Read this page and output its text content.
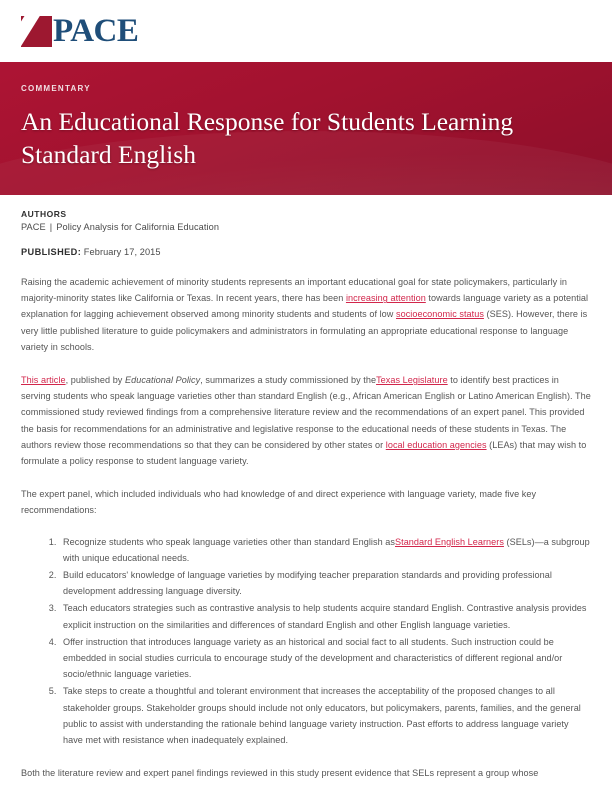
PACE
COMMENTARY
An Educational Response for Students Learning Standard English

AUTHORS

PACE | Policy Analysis for California Education

PUBLISHED: February 17, 2015

Raising the academic achievement of minority students represents an important educational goal for state policymakers, particularly in majority-minority states like California or Texas. In recent years, there has been increasing attention towards language variety as a potential explanation for lagging achievement observed among minority students and students of low socioeconomic status (SES). However, there is very little published literature to guide policymakers and administrators in formulating an appropriate educational response to language variety in schools.

This article, published by Educational Policy, summarizes a study commissioned by theTexas Legislature to identify best practices in serving students who speak language varieties other than standard English (e.g., African American English or Latino American English). The commissioned study reviewed findings from a comprehensive literature review and the recommendations of an expert panel. This provided the basis for recommendations for an administrative and legislative response to the educational needs of these students in Texas. The authors review those recommendations so that they can be considered by other states or local education agencies (LEAs) that may wish to formulate a policy response to student language variety.

The expert panel, which included individuals who had knowledge of and direct experience with language variety, made five key recommendations:

1. Recognize students who speak language varieties other than standard English asStandard English Learners (SELs)—a subgroup with unique educational needs.
2. Build educators' knowledge of language varieties by modifying teacher preparation standards and providing professional development addressing language diversity.
3. Teach educators strategies such as contrastive analysis to help students acquire standard English. Contrastive analysis provides explicit instruction on the similarities and differences of standard English and other English language varieties.
4. Offer instruction that introduces language variety as an historical and social fact to all students. Such instruction could be embedded in social studies curricula to encourage study of the development and characteristics of different regional and/or socio/ethnic language varieties.
5. Take steps to create a thoughtful and tolerant environment that increases the acceptability of the proposed changes to all stakeholder groups. Stakeholder groups should include not only educators, but policymakers, parents, families, and the general public to assist with understanding the rationale behind language variety instruction. Past efforts to address language variety have met with resistance when inadequately explained.

Both the literature review and expert panel findings reviewed in this study present evidence that SELs represent a group whose
